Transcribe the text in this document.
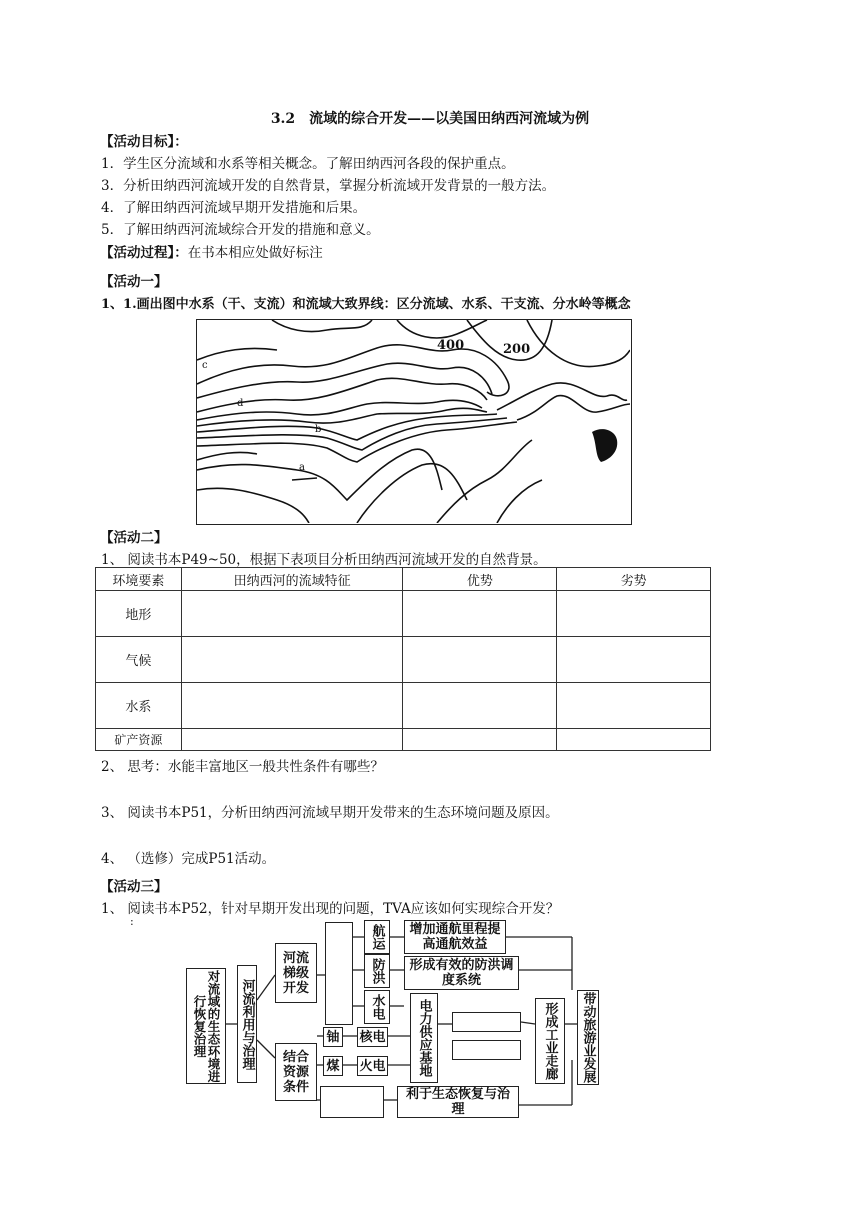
3.2　流域的综合开发——以美国田纳西河流域为例
【活动目标】：
1．学生区分流域和水系等相关概念。了解田纳西河各段的保护重点。
3．分析田纳西河流域开发的自然背景，掌握分析流域开发背景的一般方法。
4．了解田纳西河流域早期开发措施和后果。
5．了解田纳西河流域综合开发的措施和意义。
【活动过程】：在书本相应处做好标注
【活动一】
1、1.画出图中水系（干、支流）和流域大致界线：区分流域、水系、干支流、分水岭等概念
400	200
c
d
b
a
【活动二】
1、 阅读书本P49~50，根据下表项目分析田纳西河流域开发的自然背景。
环境要素	田纳西河的流域特征	优势	劣势
地形			
气候			
水系			
矿产资源			
2、 思考：水能丰富地区一般共性条件有哪些？
3、 阅读书本P51，分析田纳西河流域早期开发带来的生态环境问题及原因。
4、 （选修）完成P51活动。
【活动三】
1、 阅读书本P52，针对早期开发出现的问题，TVA应该如何实现综合开发？
:
对流域的生态环境进行恢复治理	河流利用与治理
河流梯级开发
航运
防洪
水电
增加通航里程提高通航效益
形成有效的防洪调度系统
电力供应基地	形成工业走廊	带动旅游业发展
结合资源条件
铀
煤
核电
火电
利于生态恢复与治理
